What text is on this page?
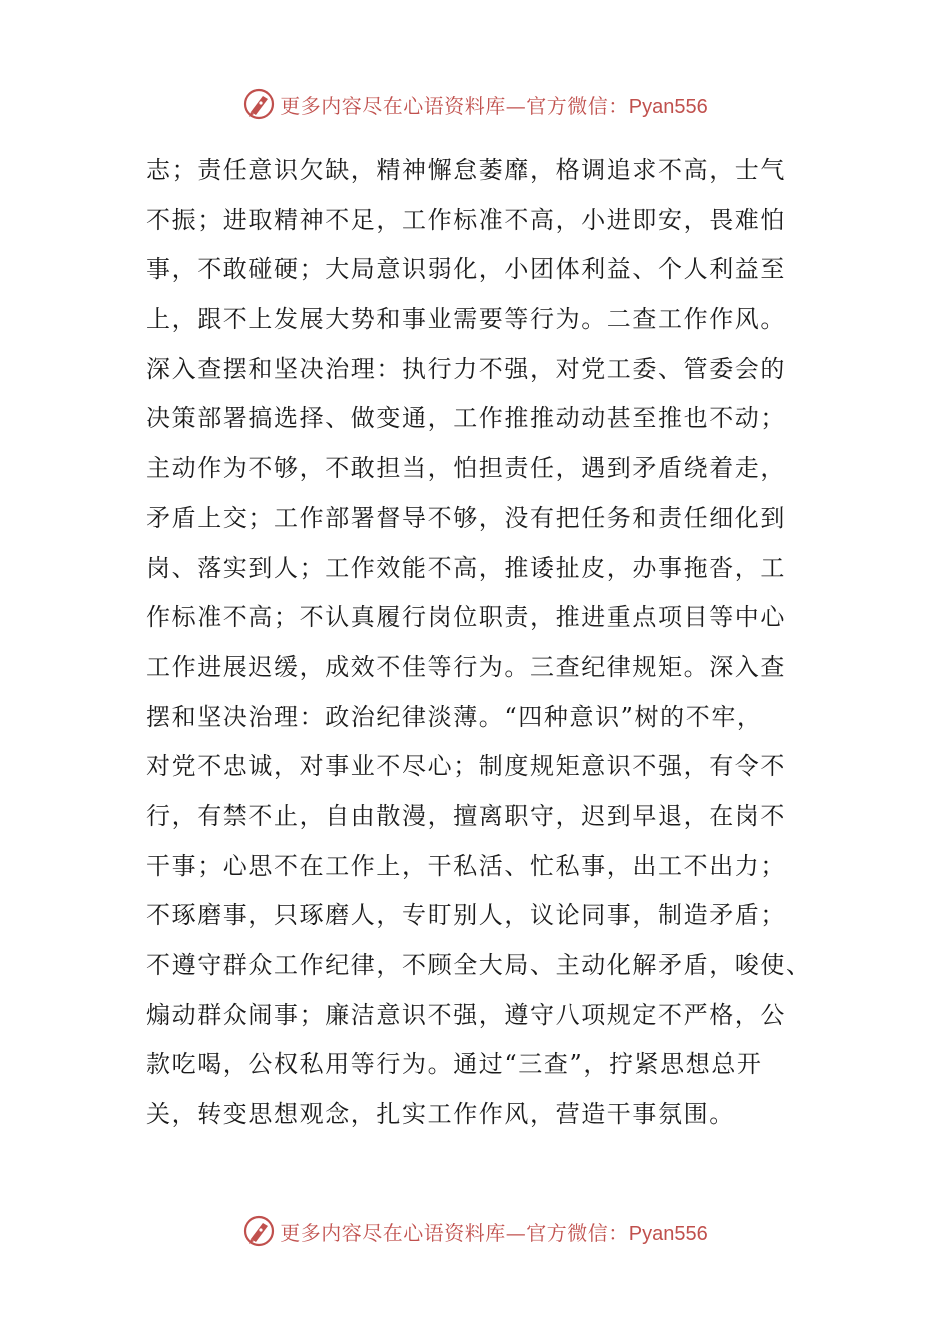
更多内容尽在心语资料库—官方微信：Pyan556
志；责任意识欠缺，精神懈怠萎靡，格调追求不高，士气
不振；进取精神不足，工作标准不高，小进即安，畏难怕
事，不敢碰硬；大局意识弱化，小团体利益、个人利益至
上，跟不上发展大势和事业需要等行为。二查工作作风。
深入查摆和坚决治理：执行力不强，对党工委、管委会的
决策部署搞选择、做变通，工作推推动动甚至推也不动；
主动作为不够，不敢担当，怕担责任，遇到矛盾绕着走，
矛盾上交；工作部署督导不够，没有把任务和责任细化到
岗、落实到人；工作效能不高，推诿扯皮，办事拖沓，工
作标准不高；不认真履行岗位职责，推进重点项目等中心
工作进展迟缓，成效不佳等行为。三查纪律规矩。深入查
摆和坚决治理：政治纪律淡薄。“四种意识”树的不牢，
对党不忠诚，对事业不尽心；制度规矩意识不强，有令不
行，有禁不止，自由散漫，擅离职守，迟到早退，在岗不
干事；心思不在工作上，干私活、忙私事，出工不出力；
不琢磨事，只琢磨人，专盯别人，议论同事，制造矛盾；
不遵守群众工作纪律，不顾全大局、主动化解矛盾，唆使、
煽动群众闹事；廉洁意识不强，遵守八项规定不严格，公
款吃喝，公权私用等行为。通过“三查”，拧紧思想总开
关，转变思想观念，扎实工作作风，营造干事氛围。
更多内容尽在心语资料库—官方微信：Pyan556
